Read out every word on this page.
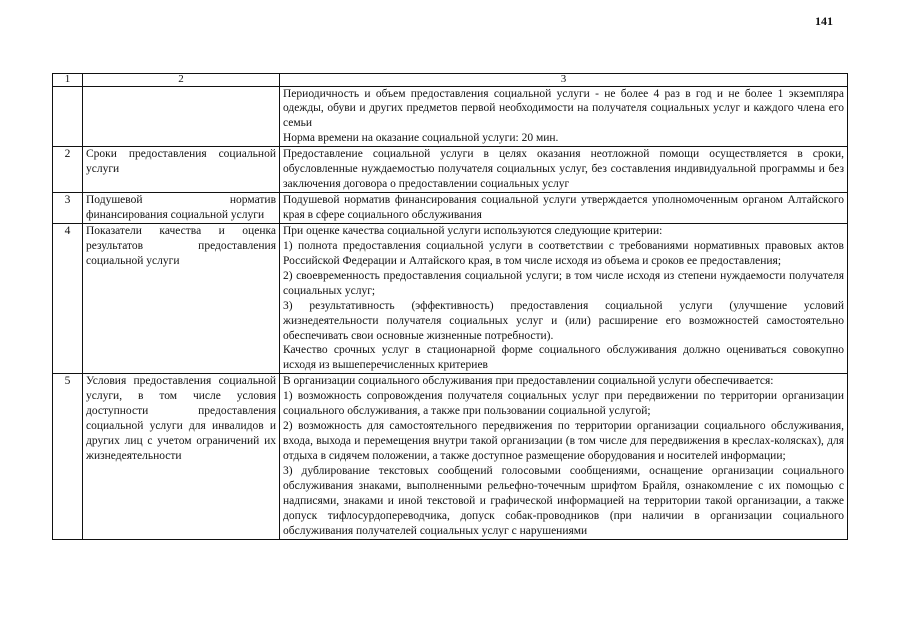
141
1	2	3

		Периодичность и объем предоставления социальной услуги - не более 4 раз в год и не более 1 экземпляра одежды, обуви и других предметов первой необходимости на получателя социальных услуг и каждого члена его семьи
Норма времени на оказание социальной услуги: 20 мин.

2	Сроки предоставления социальной услуги	Предоставление социальной услуги в целях оказания неотложной помощи осуществляется в сроки, обусловленные нуждаемостью получателя социальных услуг, без составления индивидуальной программы и без заключения договора о предоставлении социальных услуг

3	Подушевой норматив финансирования социальной услуги	Подушевой норматив финансирования социальной услуги утверждается уполномоченным органом Алтайского края в сфере социального обслуживания

4	Показатели качества и оценка результатов предоставления социальной услуги	При оценке качества социальной услуги используются следующие критерии:
1) полнота предоставления социальной услуги в соответствии с требованиями нормативных правовых актов Российской Федерации и Алтайского края, в том числе исходя из объема и сроков ее предоставления;
2) своевременность предоставления социальной услуги; в том числе исходя из степени нуждаемости получателя социальных услуг;
3) результативность (эффективность) предоставления социальной услуги (улучшение условий жизнедеятельности получателя социальных услуг и (или) расширение его возможностей самостоятельно обеспечивать свои основные жизненные потребности).
Качество срочных услуг в стационарной форме социального обслуживания должно оцениваться совокупно исходя из вышеперечисленных критериев

5	Условия предоставления социальной услуги, в том числе условия доступности предоставления социальной услуги для инвалидов и других лиц с учетом ограничений их жизнедеятельности	В организации социального обслуживания при предоставлении социальной услуги обеспечивается:
1) возможность сопровождения получателя социальных услуг при передвижении по территории организации социального обслуживания, а также при пользовании социальной услугой;
2) возможность для самостоятельного передвижения по территории организации социального обслуживания, входа, выхода и перемещения внутри такой организации (в том числе для передвижения в креслах-колясках), для отдыха в сидячем положении, а также доступное размещение оборудования и носителей информации;
3) дублирование текстовых сообщений голосовыми сообщениями, оснащение организации социального обслуживания знаками, выполненными рельефно-точечным шрифтом Брайля, ознакомление с их помощью с надписями, знаками и иной текстовой и графической информацией на территории такой организации, а также допуск тифлосурдопереводчика, допуск собак-проводников (при наличии в организации социального обслуживания получателей социальных услуг с нарушениями
